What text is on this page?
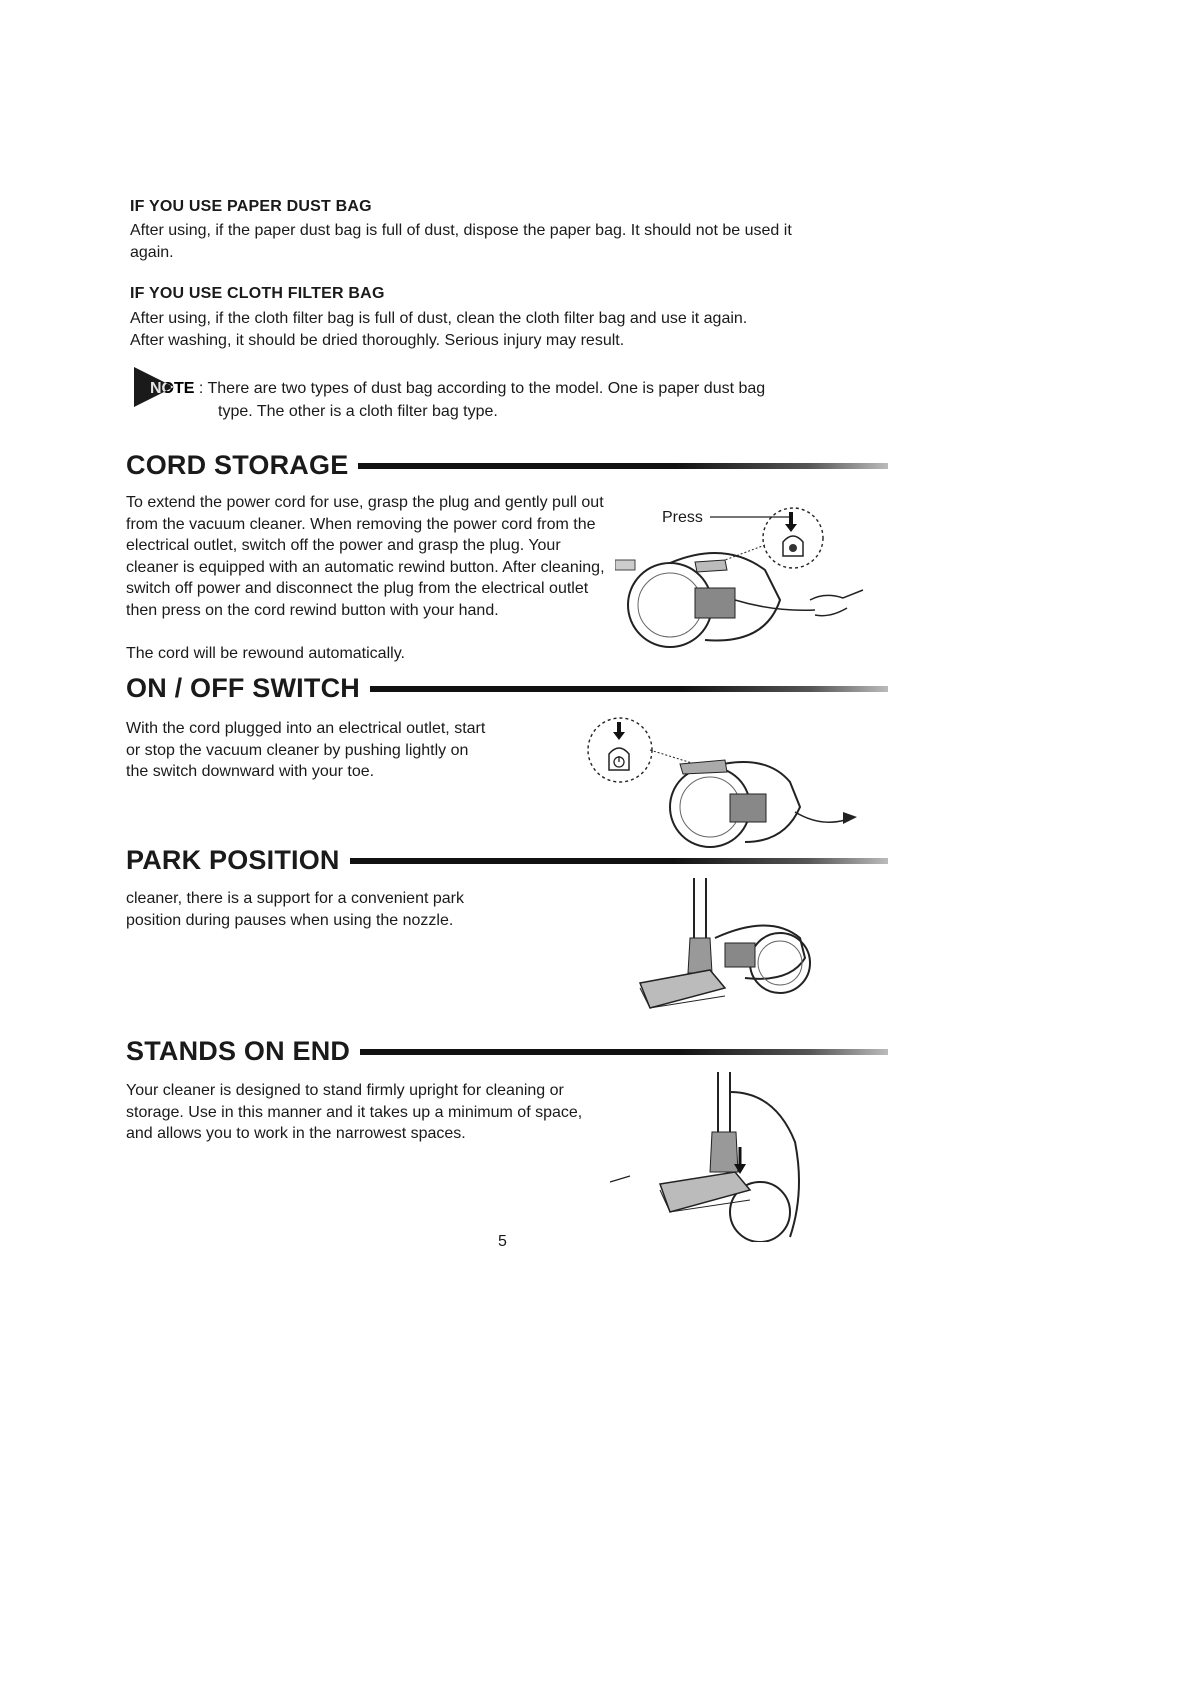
IF YOU USE PAPER DUST BAG
After using, if the paper dust bag is full of dust, dispose the paper bag. It should not be used it again.
IF YOU USE CLOTH FILTER BAG
After using, if the cloth filter bag is full of dust, clean the cloth filter bag and use it again.
After washing, it should be dried thoroughly. Serious injury may result.
NOTE : There are two types of dust bag according to the model. One is paper dust bag
type. The other is a cloth filter bag type.
CORD STORAGE
To extend the power cord for use, grasp the plug and gently pull out from the vacuum cleaner. When removing the power cord from the electrical outlet, switch off the power and grasp the plug. Your cleaner is equipped with an automatic rewind button. After cleaning, switch off power and disconnect the plug from the electrical outlet then press on the cord rewind button with your hand.
The cord will be rewound automatically.
Press
ON / OFF SWITCH
With the cord plugged into an electrical outlet, start or stop the vacuum cleaner by pushing lightly on the switch downward with your toe.
PARK POSITION
cleaner, there is a support for a convenient park position during pauses when using the nozzle.
STANDS ON END
Your cleaner is designed to stand firmly upright for cleaning or storage. Use in this manner and it takes up a minimum of space, and allows you to work in the narrowest spaces.
5
